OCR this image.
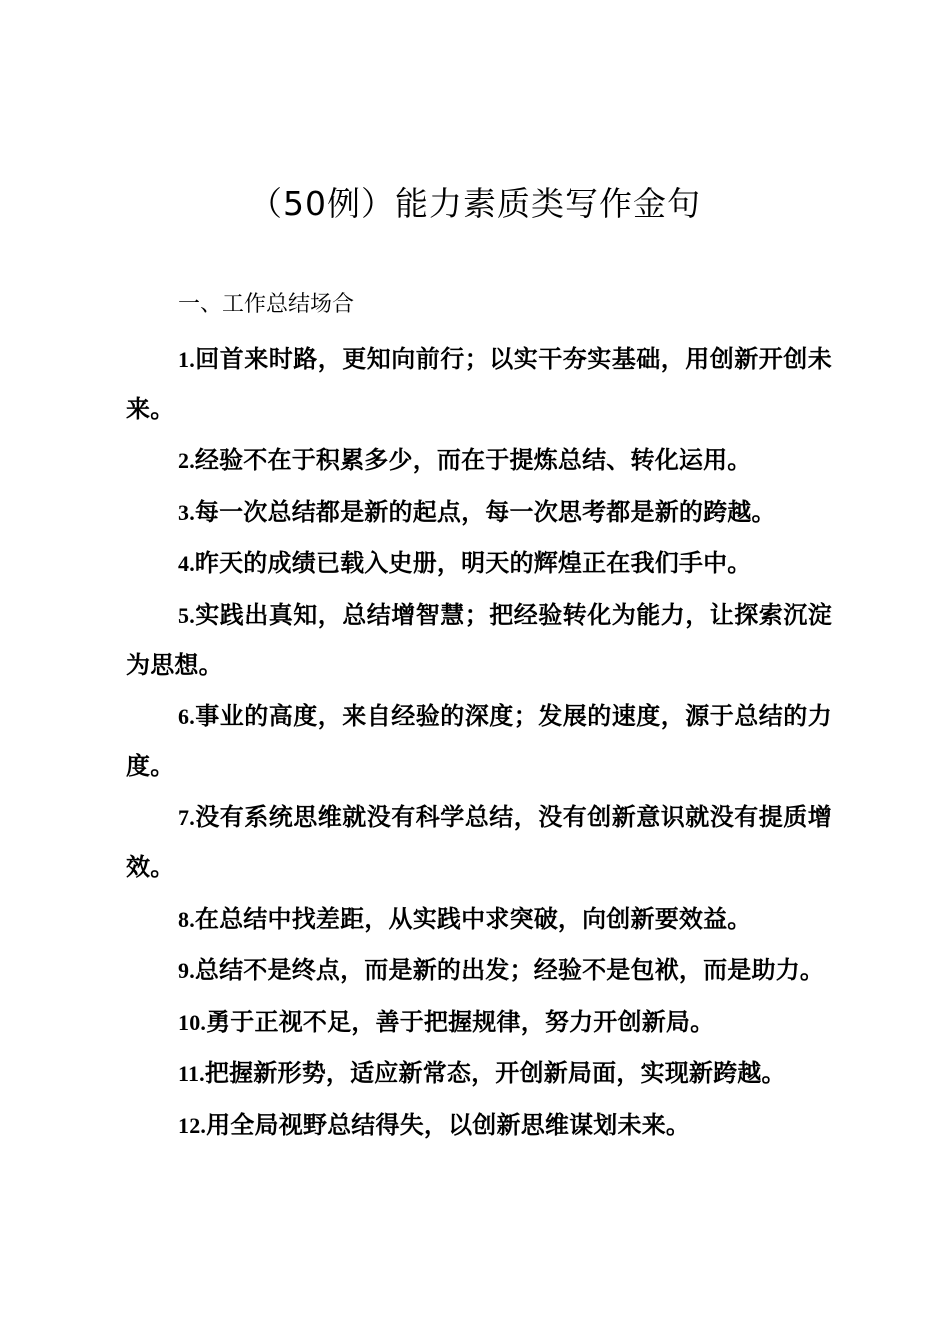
（50例）能力素质类写作金句
一、工作总结场合
1.回首来时路，更知向前行；以实干夯实基础，用创新开创未来。
2.经验不在于积累多少，而在于提炼总结、转化运用。
3.每一次总结都是新的起点，每一次思考都是新的跨越。
4.昨天的成绩已载入史册，明天的辉煌正在我们手中。
5.实践出真知，总结增智慧；把经验转化为能力，让探索沉淀为思想。
6.事业的高度，来自经验的深度；发展的速度，源于总结的力度。
7.没有系统思维就没有科学总结，没有创新意识就没有提质增效。
8.在总结中找差距，从实践中求突破，向创新要效益。
9.总结不是终点，而是新的出发；经验不是包袱，而是助力。
10.勇于正视不足，善于把握规律，努力开创新局。
11.把握新形势，适应新常态，开创新局面，实现新跨越。
12.用全局视野总结得失，以创新思维谋划未来。
